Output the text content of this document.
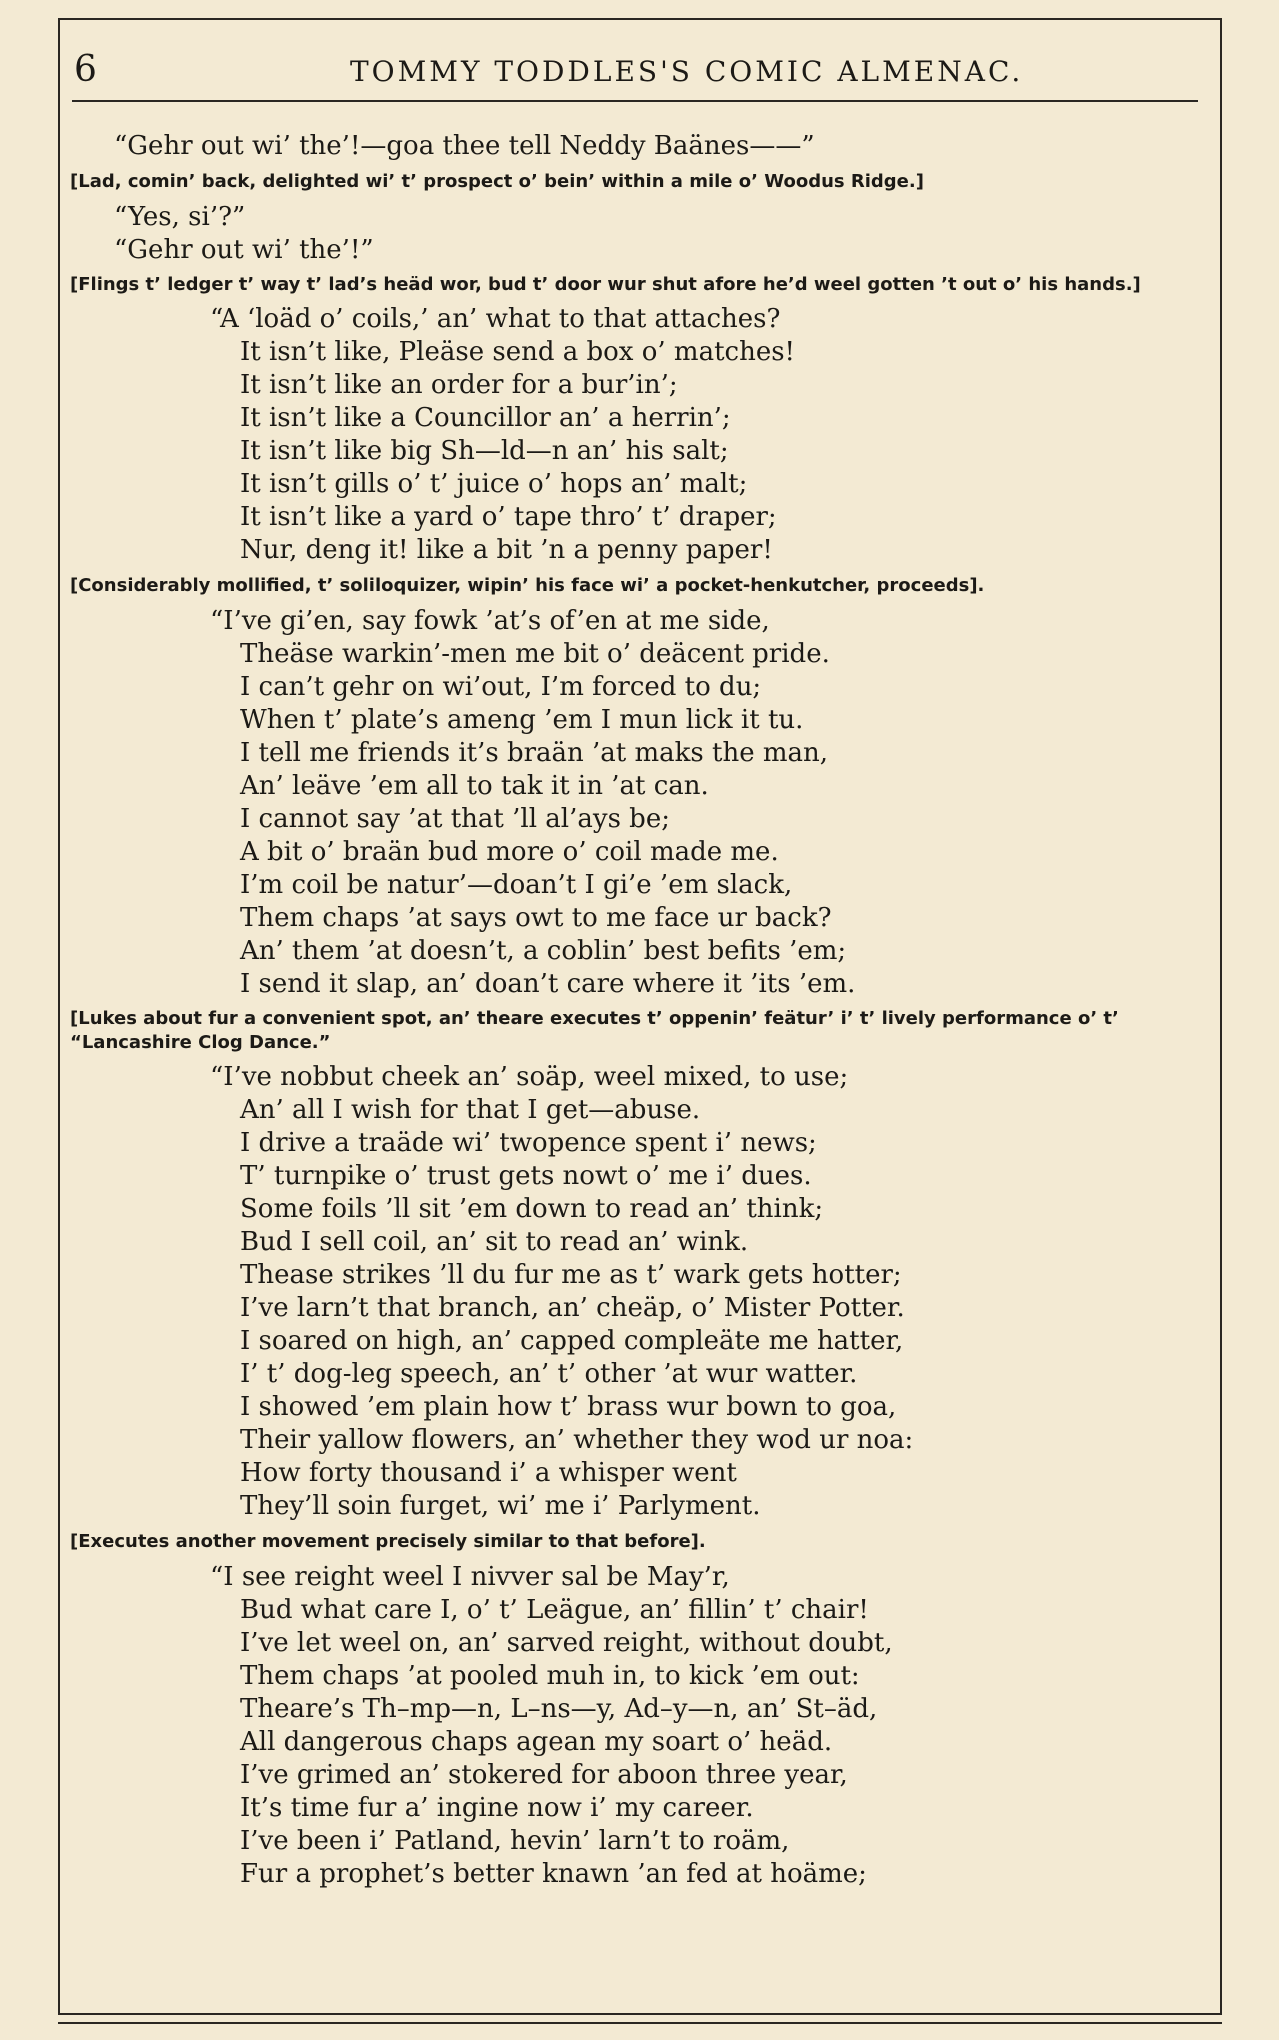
6	TOMMY TODDLES'S COMIC ALMENAC.
“Gehr out wi’ the’!—goa thee tell Neddy Baänes——”
[Lad, comin’ back, delighted wi’ t’ prospect o’ bein’ within a mile o’ Woodus Ridge.]
“Yes, si’?”
“Gehr out wi’ the’!”
[Flings t’ ledger t’ way t’ lad’s heäd wor, bud t’ door wur shut afore he’d weel gotten ’t out o’ his hands.]
“A ‘loäd o’ coils,’ an’ what to that attaches?
It isn’t like, Pleäse send a box o’ matches!
It isn’t like an order for a bur’in’;
It isn’t like a Councillor an’ a herrin’;
It isn’t like big Sh—ld—n an’ his salt;
It isn’t gills o’ t’ juice o’ hops an’ malt;
It isn’t like a yard o’ tape thro’ t’ draper;
Nur, deng it! like a bit ’n a penny paper!
[Considerably mollified, t’ soliloquizer, wipin’ his face wi’ a pocket-henkutcher, proceeds].
“I’ve gi’en, say fowk ’at’s of’en at me side,
Theäse warkin’-men me bit o’ deäcent pride.
I can’t gehr on wi’out, I’m forced to du;
When t’ plate’s ameng ’em I mun lick it tu.
I tell me friends it’s braän ’at maks the man,
An’ leäve ’em all to tak it in ’at can.
I cannot say ’at that ’ll al’ays be;
A bit o’ braän bud more o’ coil made me.
I’m coil be natur’—doan’t I gi’e ’em slack,
Them chaps ’at says owt to me face ur back?
An’ them ’at doesn’t, a coblin’ best befits ’em;
I send it slap, an’ doan’t care where it ’its ’em.
[Lukes about fur a convenient spot, an’ theare executes t’ oppenin’ feätur’ i’ t’ lively performance o’ t’ “Lancashire Clog Dance.”
“I’ve nobbut cheek an’ soäp, weel mixed, to use;
An’ all I wish for that I get—abuse.
I drive a traäde wi’ twopence spent i’ news;
T’ turnpike o’ trust gets nowt o’ me i’ dues.
Some foils ’ll sit ’em down to read an’ think;
Bud I sell coil, an’ sit to read an’ wink.
Thease strikes ’ll du fur me as t’ wark gets hotter;
I’ve larn’t that branch, an’ cheäp, o’ Mister Potter.
I soared on high, an’ capped compleäte me hatter,
I’ t’ dog-leg speech, an’ t’ other ’at wur watter.
I showed ’em plain how t’ brass wur bown to goa,
Their yallow flowers, an’ whether they wod ur noa:
How forty thousand i’ a whisper went
They’ll soin furget, wi’ me i’ Parlyment.
[Executes another movement precisely similar to that before].
“I see reight weel I nivver sal be May’r,
Bud what care I, o’ t’ Leägue, an’ fillin’ t’ chair!
I’ve let weel on, an’ sarved reight, without doubt,
Them chaps ’at pooled muh in, to kick ’em out:
Theare’s Th–mp—n, L–ns—y, Ad–y—n, an’ St–äd,
All dangerous chaps agean my soart o’ heäd.
I’ve grimed an’ stokered for aboon three year,
It’s time fur a’ ingine now i’ my career.
I’ve been i’ Patland, hevin’ larn’t to roäm,
Fur a prophet’s better knawn ’an fed at hoäme;
